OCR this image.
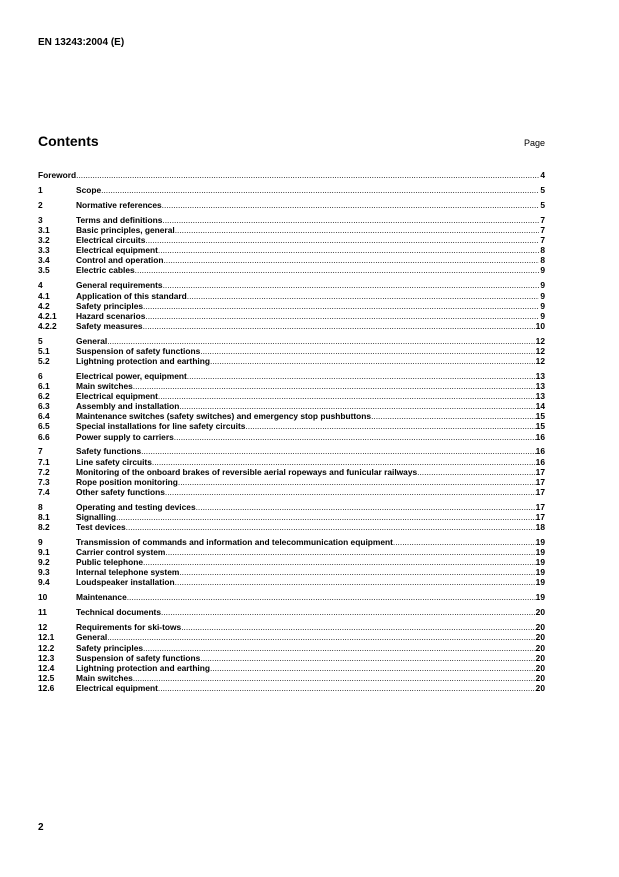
EN 13243:2004 (E)
Contents	Page
Foreword .....	4
1	Scope .....	5
2	Normative references .....	5
3	Terms and definitions .....	7
3.1	Basic principles, general .....	7
3.2	Electrical circuits .....	7
3.3	Electrical equipment .....	8
3.4	Control and operation .....	8
3.5	Electric cables .....	9
4	General requirements .....	9
4.1	Application of this standard .....	9
4.2	Safety principles .....	9
4.2.1	Hazard scenarios .....	9
4.2.2	Safety measures .....	10
5	General .....	12
5.1	Suspension of safety functions .....	12
5.2	Lightning protection and earthing .....	12
6	Electrical power, equipment .....	13
6.1	Main switches .....	13
6.2	Electrical equipment .....	13
6.3	Assembly and installation .....	14
6.4	Maintenance switches (safety switches) and emergency stop pushbuttons .....	15
6.5	Special installations for line safety circuits .....	15
6.6	Power supply to carriers .....	16
7	Safety functions .....	16
7.1	Line safety circuits .....	16
7.2	Monitoring of the onboard brakes of reversible aerial ropeways and funicular railways .....	17
7.3	Rope position monitoring .....	17
7.4	Other safety functions .....	17
8	Operating and testing devices .....	17
8.1	Signalling .....	17
8.2	Test devices .....	18
9	Transmission of commands and information and telecommunication equipment .....	19
9.1	Carrier control system .....	19
9.2	Public telephone .....	19
9.3	Internal telephone system .....	19
9.4	Loudspeaker installation .....	19
10	Maintenance .....	19
11	Technical documents .....	20
12	Requirements for ski-tows .....	20
12.1	General .....	20
12.2	Safety principles .....	20
12.3	Suspension of safety functions .....	20
12.4	Lightning protection and earthing .....	20
12.5	Main switches .....	20
12.6	Electrical equipment .....	20
2
